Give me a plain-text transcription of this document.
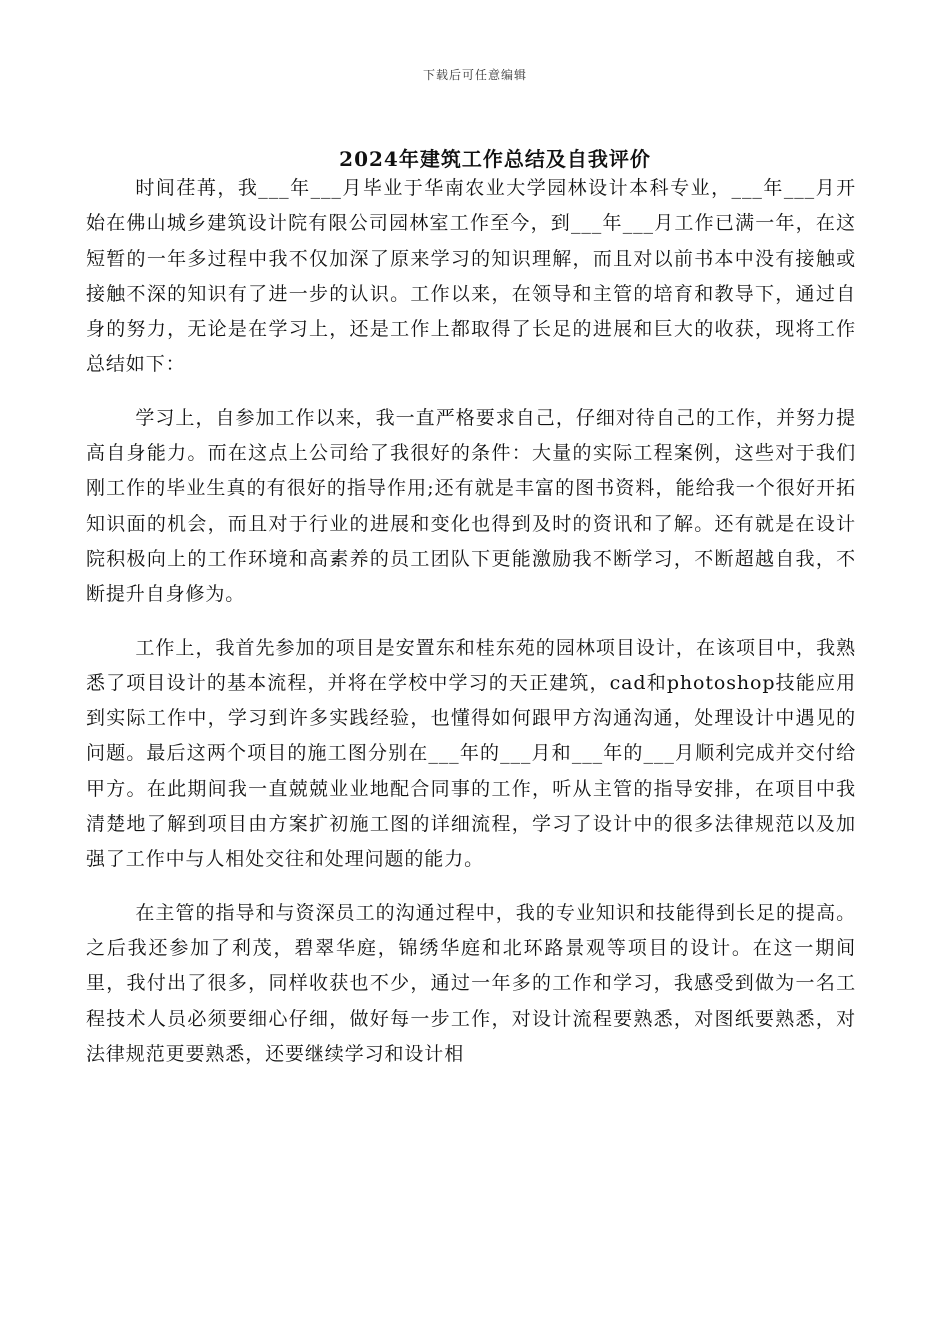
下载后可任意编辑
2024年建筑工作总结及自我评价

时间荏苒，我___年___月毕业于华南农业大学园林设计本科专业，___年___月开始在佛山城乡建筑设计院有限公司园林室工作至今，到___年___月工作已满一年，在这短暂的一年多过程中我不仅加深了原来学习的知识理解，而且对以前书本中没有接触或接触不深的知识有了进一步的认识。工作以来，在领导和主管的培育和教导下，通过自身的努力，无论是在学习上，还是工作上都取得了长足的进展和巨大的收获，现将工作总结如下：

学习上，自参加工作以来，我一直严格要求自己，仔细对待自己的工作，并努力提高自身能力。而在这点上公司给了我很好的条件：大量的实际工程案例，这些对于我们刚工作的毕业生真的有很好的指导作用;还有就是丰富的图书资料，能给我一个很好开拓知识面的机会，而且对于行业的进展和变化也得到及时的资讯和了解。还有就是在设计院积极向上的工作环境和高素养的员工团队下更能激励我不断学习，不断超越自我，不断提升自身修为。

工作上，我首先参加的项目是安置东和桂东苑的园林项目设计，在该项目中，我熟悉了项目设计的基本流程，并将在学校中学习的天正建筑，cad和photoshop技能应用到实际工作中，学习到许多实践经验，也懂得如何跟甲方沟通沟通，处理设计中遇见的问题。最后这两个项目的施工图分别在___年的___月和___年的___月顺利完成并交付给甲方。在此期间我一直兢兢业业地配合同事的工作，听从主管的指导安排，在项目中我清楚地了解到项目由方案扩初施工图的详细流程，学习了设计中的很多法律规范以及加强了工作中与人相处交往和处理问题的能力。

在主管的指导和与资深员工的沟通过程中，我的专业知识和技能得到长足的提高。之后我还参加了利茂，碧翠华庭，锦绣华庭和北环路景观等项目的设计。在这一期间里，我付出了很多，同样收获也不少，通过一年多的工作和学习，我感受到做为一名工程技术人员必须要细心仔细，做好每一步工作，对设计流程要熟悉，对图纸要熟悉，对法律规范更要熟悉，还要继续学习和设计相
